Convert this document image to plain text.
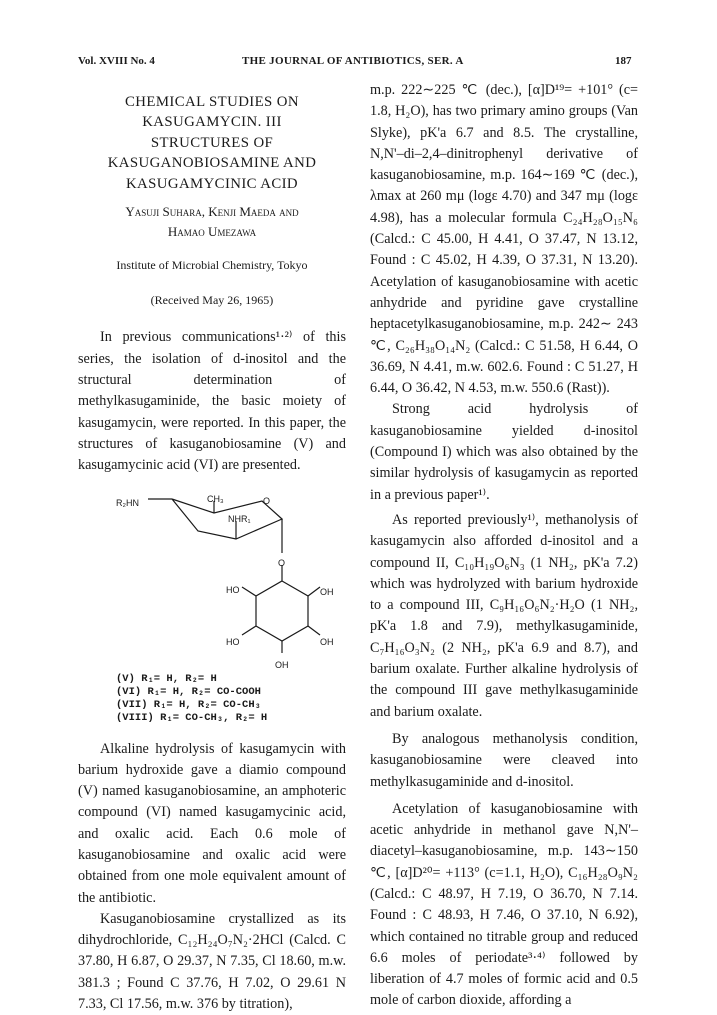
Vol. XVIII No. 4	THE JOURNAL OF ANTIBIOTICS, SER. A	187
CHEMICAL STUDIES ON
KASUGAMYCIN. III
STRUCTURES OF
KASUGANOBIOSAMINE AND
KASUGAMYCINIC ACID
Yasuji Suhara, Kenji Maeda and
Hamao Umezawa
Institute of Microbial Chemistry, Tokyo
(Received May 26, 1965)

In previous communications¹·²⁾ of this series, the isolation of d-inositol and the structural determination of methylkasugaminide, the basic moiety of kasugamycin, were reported. In this paper, the structures of kasuganobiosamine (V) and kasugamycinic acid (VI) are presented.

R₂HN	CH₃	O
NHR₁
O
HO	OH
HO	OH
OH
(V) R₁= H, R₂= H
(VI) R₁= H, R₂= CO-COOH
(VII) R₁= H, R₂= CO-CH₃
(VIII) R₁= CO-CH₃, R₂= H

Alkaline hydrolysis of kasugamycin with barium hydroxide gave a diamio compound (V) named kasuganobiosamine, an amphoteric compound (VI) named kasugamycinic acid, and oxalic acid. Each 0.6 mole of kasuganobiosamine and oxalic acid were obtained from one mole equivalent amount of the antibiotic.

Kasuganobiosamine crystallized as its dihydrochloride, C₁₂H₂₄O₇N₂·2HCl (Calcd. C 37.80, H 6.87, O 29.37, N 7.35, Cl 18.60, m.w. 381.3 ; Found C 37.76, H 7.02, O 29.61 N 7.33, Cl 17.56, m.w. 376 by titration),

m.p. 222∼225 ℃ (dec.), [α]D¹⁹= +101° (c= 1.8, H₂O), has two primary amino groups (Van Slyke), pK'a 6.7 and 8.5. The crystalline, N,N'–di–2,4–dinitrophenyl derivative of kasuganobiosamine, m.p. 164∼169 ℃ (dec.), λmax at 260 mμ (logε 4.70) and 347 mμ (logε 4.98), has a molecular formula C₂₄H₂₈O₁₅N₆ (Calcd.: C 45.00, H 4.41, O 37.47, N 13.12, Found : C 45.02, H 4.39, O 37.31, N 13.20). Acetylation of kasuganobiosamine with acetic anhydride and pyridine gave crystalline heptacetylkasuganobiosamine, m.p. 242∼ 243 ℃, C₂₆H₃₈O₁₄N₂ (Calcd.: C 51.58, H 6.44, O 36.69, N 4.41, m.w. 602.6. Found : C 51.27, H 6.44, O 36.42, N 4.53, m.w. 550.6 (Rast)).

Strong acid hydrolysis of kasuganobiosamine yielded d-inositol (Compound I) which was also obtained by the similar hydrolysis of kasugamycin as reported in a previous paper¹⁾.

As reported previously¹⁾, methanolysis of kasugamycin also afforded d-inositol and a compound II, C₁₀H₁₉O₆N₃ (1 NH₂, pK'a 7.2) which was hydrolyzed with barium hydroxide to a compound III, C₉H₁₆O₆N₂·H₂O (1 NH₂, pK'a 1.8 and 7.9), methylkasugaminide, C₇H₁₆O₃N₂ (2 NH₂, pK'a 6.9 and 8.7), and barium oxalate. Further alkaline hydrolysis of the compound III gave methylkasugaminide and barium oxalate.

By analogous methanolysis condition, kasuganobiosamine were cleaved into methylkasugaminide and d-inositol.

Acetylation of kasuganobiosamine with acetic anhydride in methanol gave N,N'–diacetyl–kasuganobiosamine, m.p. 143∼150 ℃, [α]D²⁰= +113° (c=1.1, H₂O), C₁₆H₂₈O₉N₂ (Calcd.: C 48.97, H 7.19, O 36.70, N 7.14. Found : C 48.93, H 7.46, O 37.10, N 6.92), which contained no titrable group and reduced 6.6 moles of periodate³·⁴⁾ followed by liberation of 4.7 moles of formic acid and 0.5 mole of carbon dioxide, affording a
